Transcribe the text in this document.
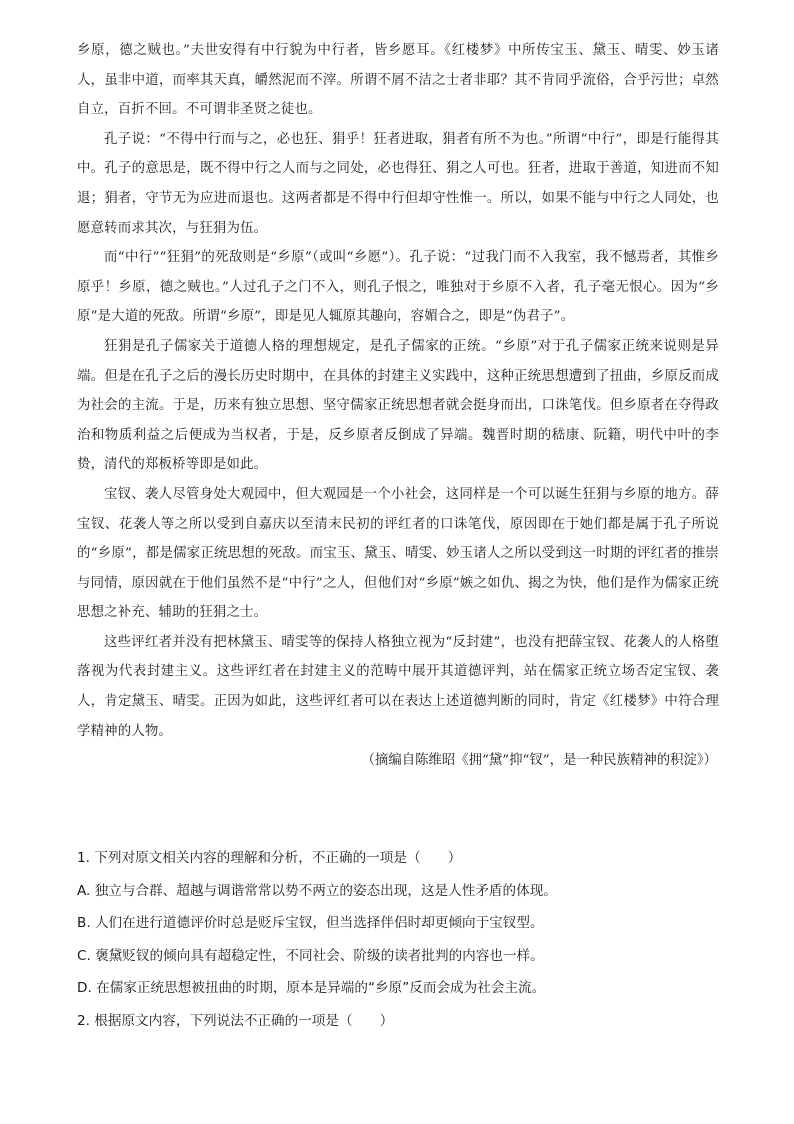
乡原，德之贼也。”夫世安得有中行貌为中行者，皆乡愿耳。《红楼梦》中所传宝玉、黛玉、晴雯、妙玉诸人，虽非中道，而率其天真，皭然泥而不滓。所谓不屑不洁之士者非耶？其不肯同乎流俗，合乎污世；卓然自立，百折不回。不可谓非圣贤之徒也。

孔子说：“不得中行而与之，必也狂、狷乎！狂者进取，狷者有所不为也。”所谓“中行”，即是行能得其中。孔子的意思是，既不得中行之人而与之同处，必也得狂、狷之人可也。狂者，进取于善道，知进而不知退；狷者，守节无为应进而退也。这两者都是不得中行但却守性惟一。所以，如果不能与中行之人同处，也愿意转而求其次，与狂狷为伍。

而“中行”“狂狷”的死敌则是“乡原”（或叫“乡愿”）。孔子说：“过我门而不入我室，我不憾焉者，其惟乡原乎！乡原，德之贼也。”人过孔子之门不入，则孔子恨之，唯独对于乡原不入者，孔子毫无恨心。因为“乡原”是大道的死敌。所谓“乡原”，即是见人辄原其趣向，容媚合之，即是“伪君子”。

狂狷是孔子儒家关于道德人格的理想规定，是孔子儒家的正统。“乡原”对于孔子儒家正统来说则是异端。但是在孔子之后的漫长历史时期中，在具体的封建主义实践中，这种正统思想遭到了扭曲，乡原反而成为社会的主流。于是，历来有独立思想、坚守儒家正统思想者就会挺身而出，口诛笔伐。但乡原者在夺得政治和物质利益之后便成为当权者，于是，反乡原者反倒成了异端。魏晋时期的嵇康、阮籍，明代中叶的李贽，清代的郑板桥等即是如此。

宝钗、袭人尽管身处大观园中，但大观园是一个小社会，这同样是一个可以诞生狂狷与乡原的地方。薛宝钗、花袭人等之所以受到自嘉庆以至清末民初的评红者的口诛笔伐，原因即在于她们都是属于孔子所说的“乡原”，都是儒家正统思想的死敌。而宝玉、黛玉、晴雯、妙玉诸人之所以受到这一时期的评红者的推崇与同情，原因就在于他们虽然不是“中行”之人，但他们对“乡原”嫉之如仇、揭之为快，他们是作为儒家正统思想之补充、辅助的狂狷之士。

这些评红者并没有把林黛玉、晴雯等的保持人格独立视为“反封建”，也没有把薛宝钗、花袭人的人格堕落视为代表封建主义。这些评红者在封建主义的范畴中展开其道德评判，站在儒家正统立场否定宝钗、袭人，肯定黛玉、晴雯。正因为如此，这些评红者可以在表达上述道德判断的同时，肯定《红楼梦》中符合理学精神的人物。

（摘编自陈维昭《拥“黛”抑“钗”，是一种民族精神的积淀》）

1. 下列对原文相关内容的理解和分析，不正确的一项是（　　）

A. 独立与合群、超越与调谐常常以势不两立的姿态出现，这是人性矛盾的体现。

B. 人们在进行道德评价时总是贬斥宝钗，但当选择伴侣时却更倾向于宝钗型。

C. 褒黛贬钗的倾向具有超稳定性，不同社会、阶级的读者批判的内容也一样。

D. 在儒家正统思想被扭曲的时期，原本是异端的“乡原”反而会成为社会主流。

2. 根据原文内容，下列说法不正确的一项是（　　）
